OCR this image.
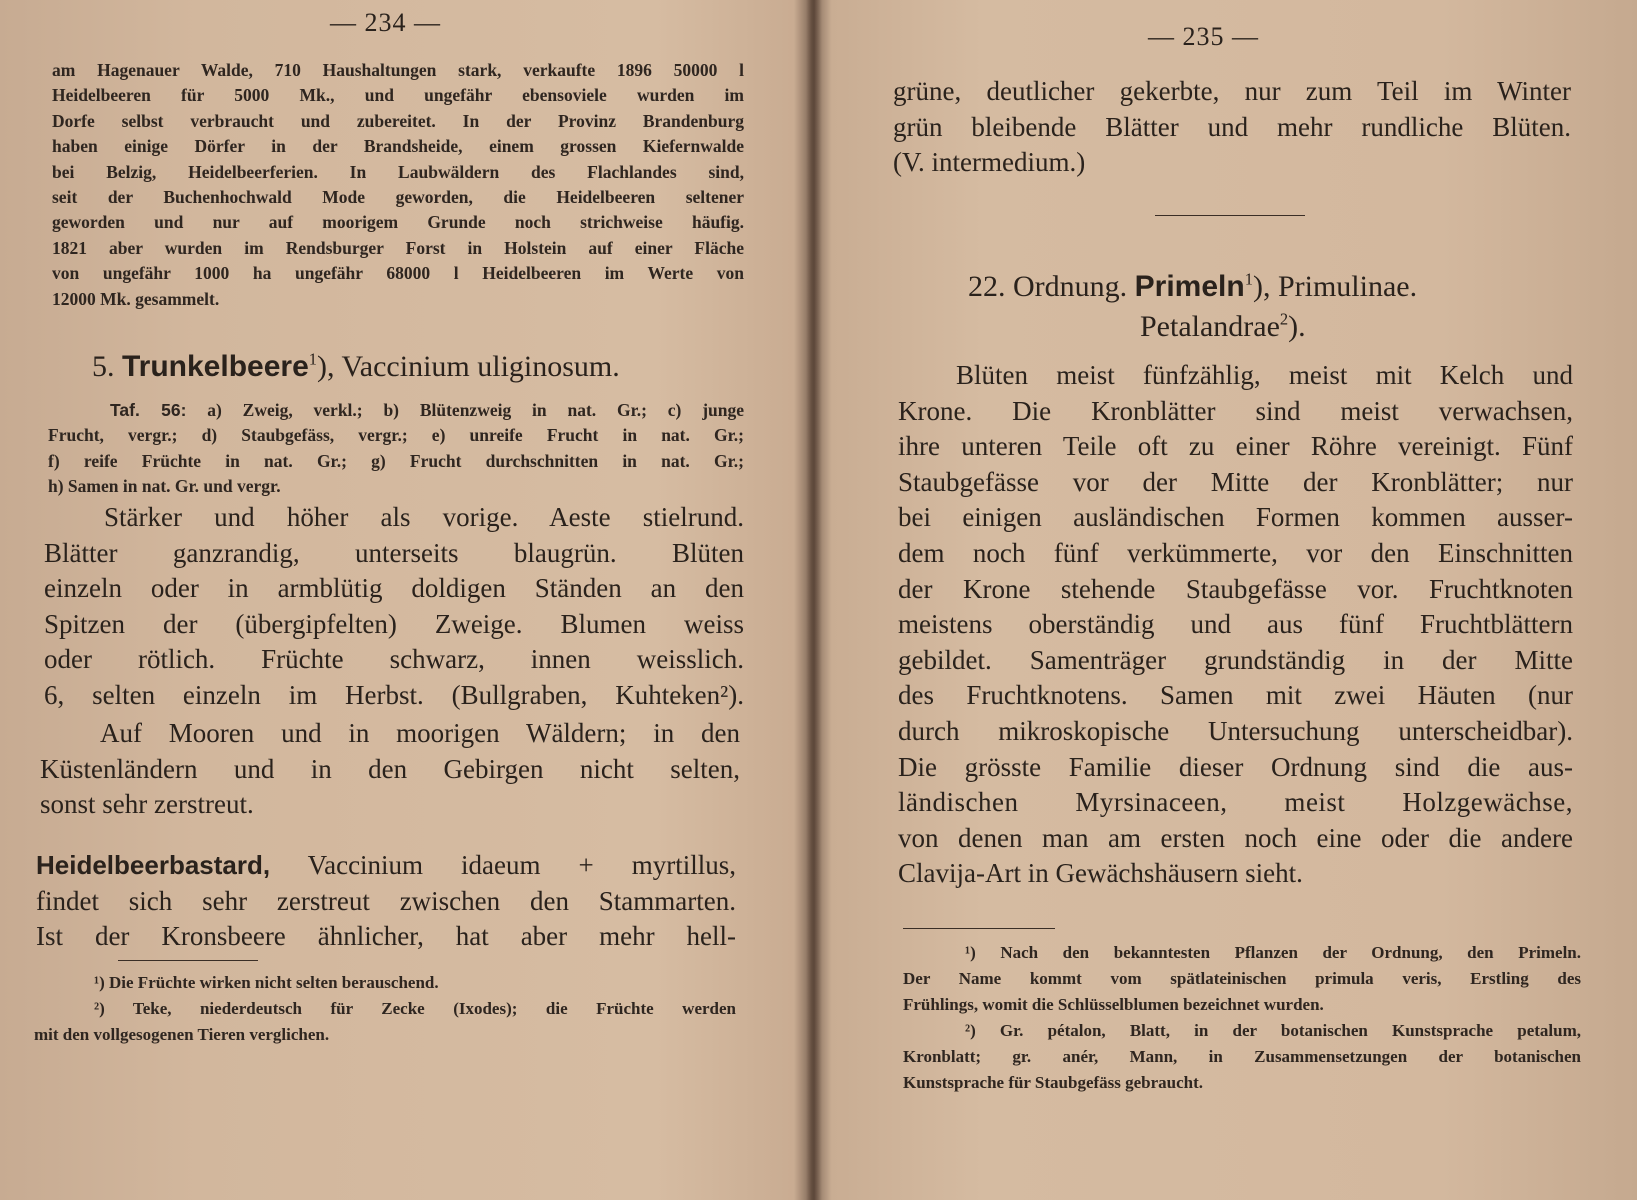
— 234 —
am Hagenauer Walde, 710 Haushaltungen stark, verkaufte 1896 50000 l
Heidelbeeren für 5000 Mk., und ungefähr ebensoviele wurden im
Dorfe selbst verbraucht und zubereitet. In der Provinz Brandenburg
haben einige Dörfer in der Brandsheide, einem grossen Kiefernwalde
bei Belzig, Heidelbeerferien. In Laubwäldern des Flachlandes sind,
seit der Buchenhochwald Mode geworden, die Heidelbeeren seltener
geworden und nur auf moorigem Grunde noch strichweise häufig.
1821 aber wurden im Rendsburger Forst in Holstein auf einer Fläche
von ungefähr 1000 ha ungefähr 68000 l Heidelbeeren im Werte von
12000 Mk. gesammelt.
5. Trunkelbeere$^1$), Vaccinium uliginosum.
Taf. 56: a) Zweig, verkl.; b) Blütenzweig in nat. Gr.; c) junge
Frucht, vergr.; d) Staubgefäss, vergr.; e) unreife Frucht in nat. Gr.;
f) reife Früchte in nat. Gr.; g) Frucht durchschnitten in nat. Gr.;
h) Samen in nat. Gr. und vergr.
Stärker und höher als vorige. Aeste stielrund.
Blätter ganzrandig, unterseits blaugrün. Blüten
einzeln oder in armblütig doldigen Ständen an den
Spitzen der (übergipfelten) Zweige. Blumen weiss
oder rötlich. Früchte schwarz, innen weisslich.
6, selten einzeln im Herbst. (Bullgraben, Kuhteken²).
Auf Mooren und in moorigen Wäldern; in den
Küstenländern und in den Gebirgen nicht selten,
sonst sehr zerstreut.
Heidelbeerbastard, Vaccinium idaeum + myrtillus,
findet sich sehr zerstreut zwischen den Stammarten.
Ist der Kronsbeere ähnlicher, hat aber mehr hell-
¹) Die Früchte wirken nicht selten berauschend.
²) Teke, niederdeutsch für Zecke (Ixodes); die Früchte werden
mit den vollgesogenen Tieren verglichen.
— 235 —
grüne, deutlicher gekerbte, nur zum Teil im Winter
grün bleibende Blätter und mehr rundliche Blüten.
(V. intermedium.)
22. Ordnung. Primeln$^1$), Primulinae.
Petalandrae$^2$).
Blüten meist fünfzählig, meist mit Kelch und
Krone. Die Kronblätter sind meist verwachsen,
ihre unteren Teile oft zu einer Röhre vereinigt. Fünf
Staubgefässe vor der Mitte der Kronblätter; nur
bei einigen ausländischen Formen kommen ausser-
dem noch fünf verkümmerte, vor den Einschnitten
der Krone stehende Staubgefässe vor. Fruchtknoten
meistens oberständig und aus fünf Fruchtblättern
gebildet. Samenträger grundständig in der Mitte
des Fruchtknotens. Samen mit zwei Häuten (nur
durch mikroskopische Untersuchung unterscheidbar).
Die grösste Familie dieser Ordnung sind die aus-
ländischen Myrsinaceen, meist Holzgewächse,
von denen man am ersten noch eine oder die andere
Clavija-Art in Gewächshäusern sieht.
¹) Nach den bekanntesten Pflanzen der Ordnung, den Primeln.
Der Name kommt vom spätlateinischen primula veris, Erstling des
Frühlings, womit die Schlüsselblumen bezeichnet wurden.
²) Gr. pétalon, Blatt, in der botanischen Kunstsprache petalum,
Kronblatt; gr. anér, Mann, in Zusammensetzungen der botanischen
Kunstsprache für Staubgefäss gebraucht.
